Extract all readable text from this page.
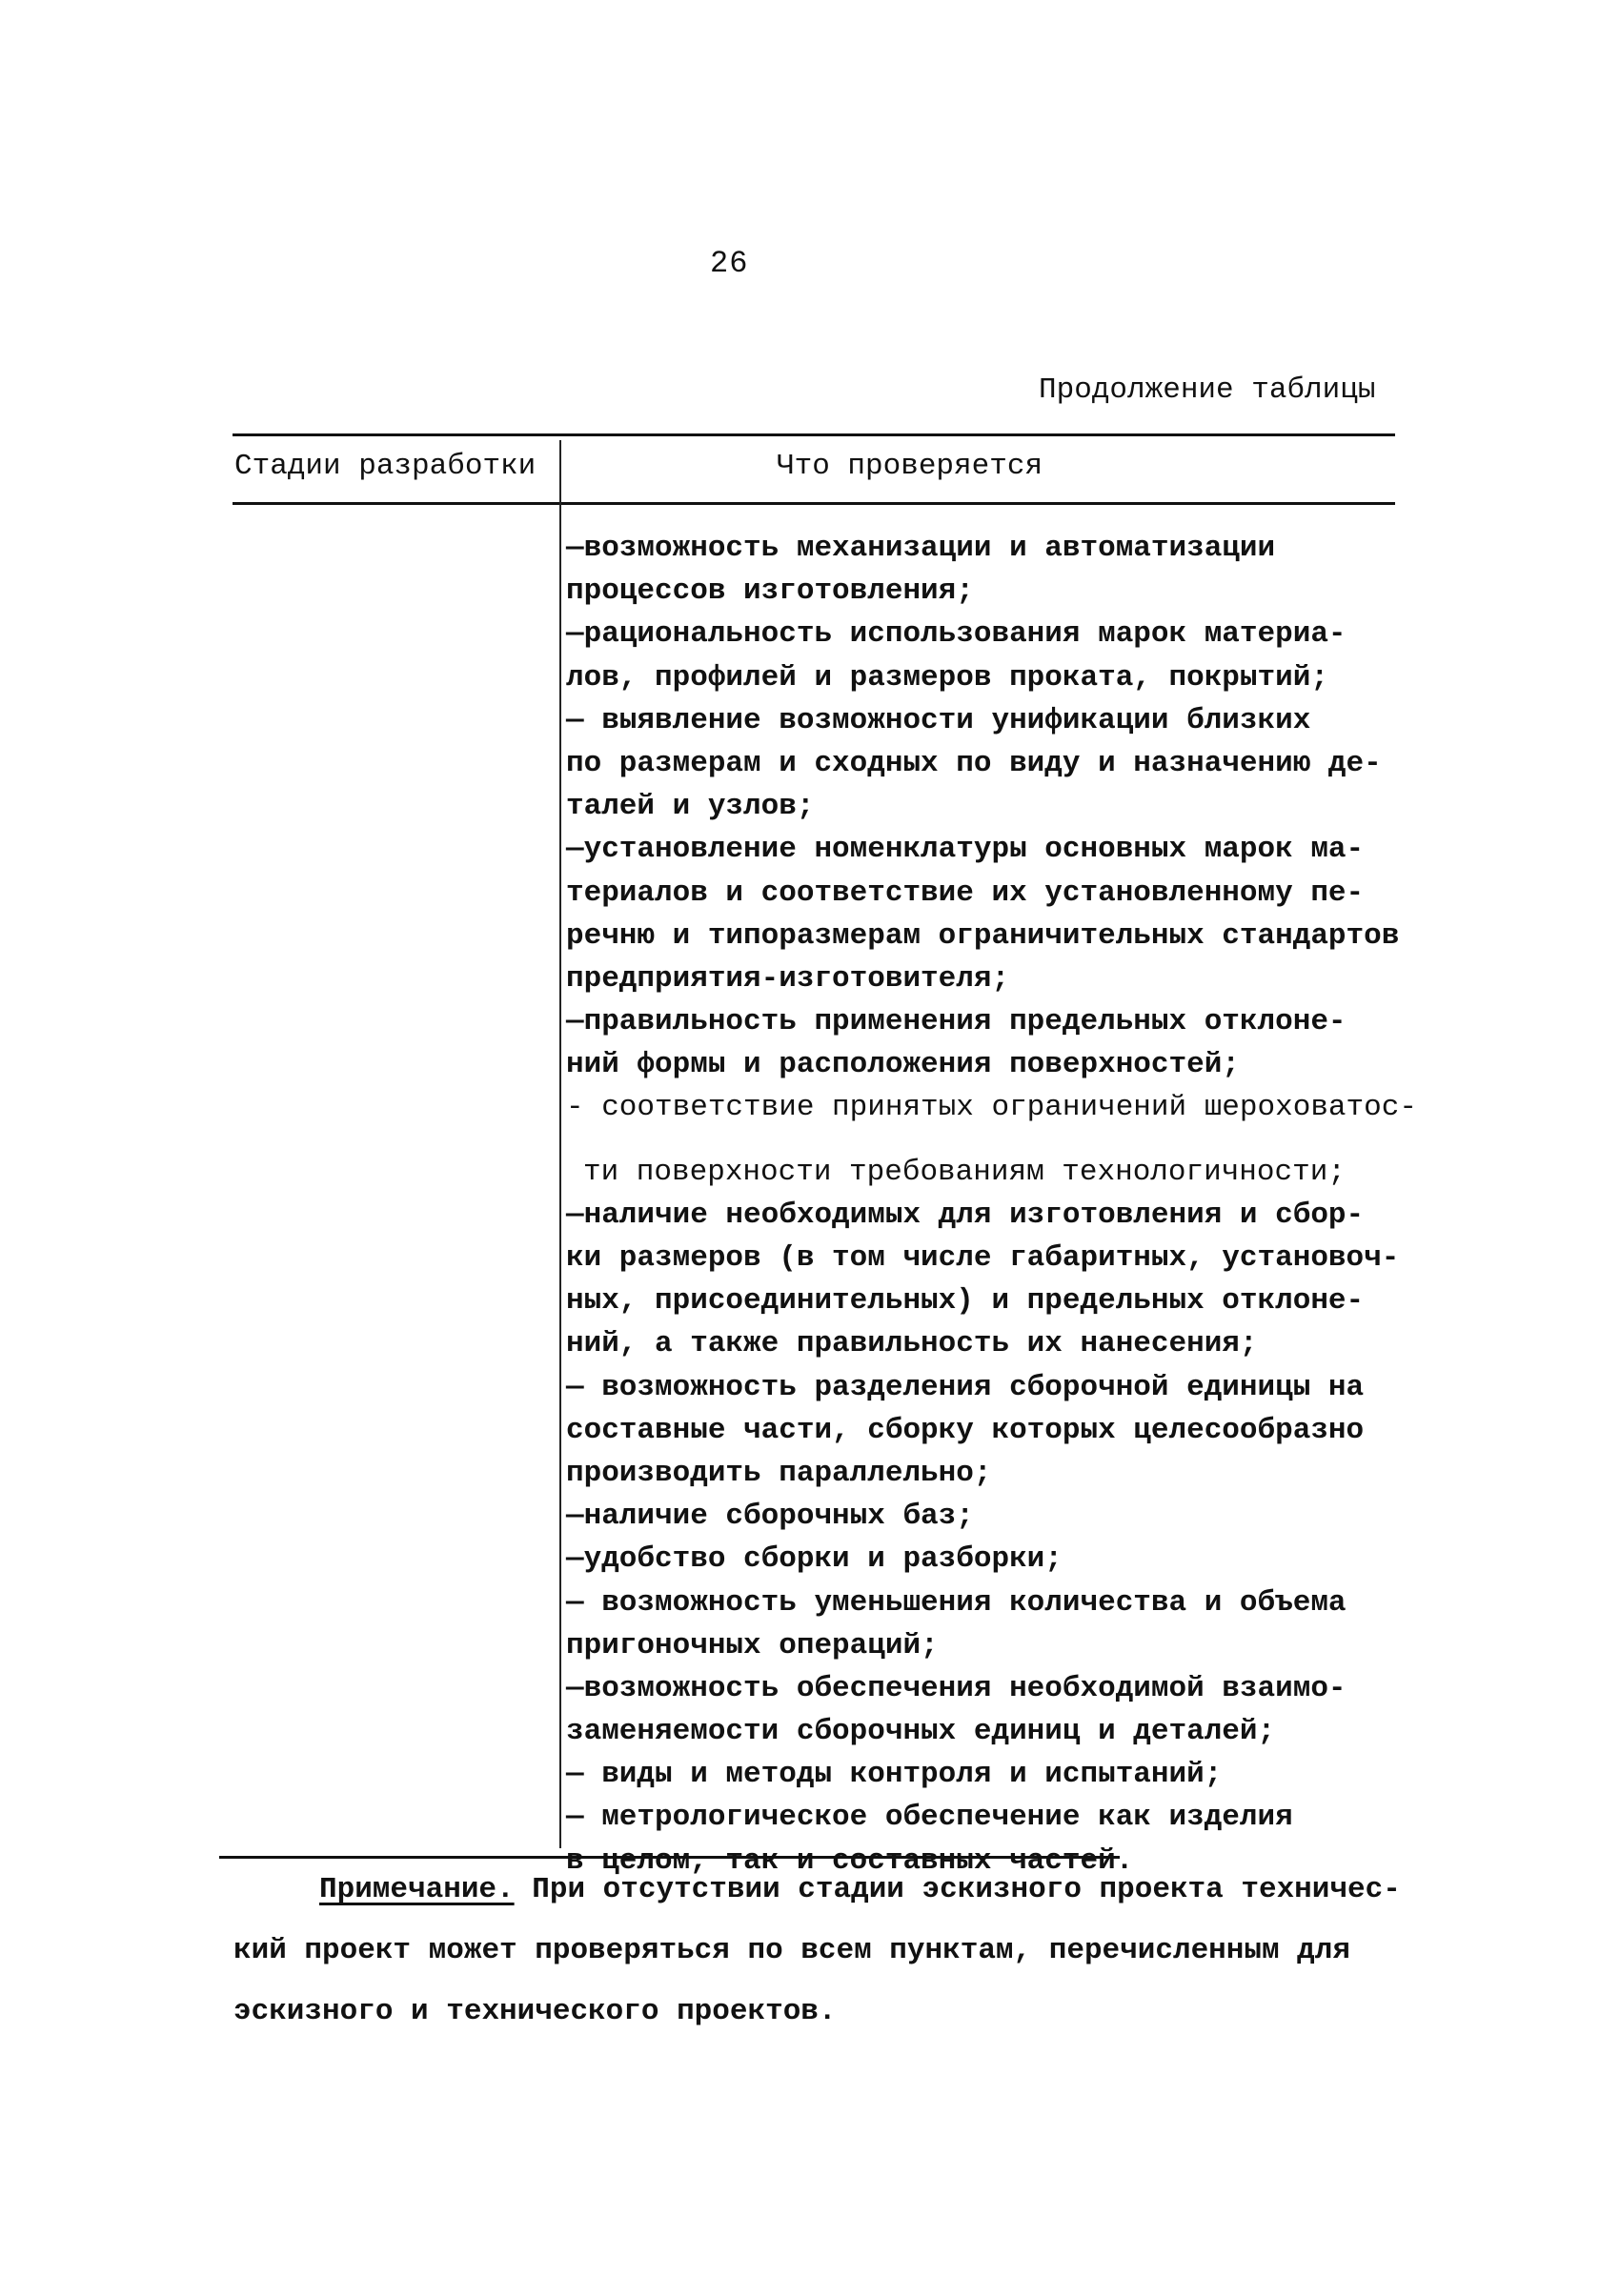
26
Продолжение таблицы
Стадии разработки	Что проверяется
—возможность механизации и автоматизации
процессов изготовления;
—рациональность использования марок материа-
лов, профилей и размеров проката, покрытий;
— выявление возможности унификации близких
по размерам и сходных по виду и назначению де-
талей и узлов;
—установление номенклатуры основных марок ма-
териалов и соответствие их установленному пе-
речню и типоразмерам ограничительных стандартов
предприятия-изготовителя;
—правильность применения предельных отклоне-
ний формы и расположения поверхностей;
- соответствие принятых ограничений шероховатос-
ти поверхности требованиям технологичности;
—наличие необходимых для изготовления и сбор-
ки размеров (в том числе габаритных, установоч-
ных, присоединительных) и предельных отклоне-
ний, а также правильность их нанесения;
— возможность разделения сборочной единицы на
составные части, сборку которых целесообразно
производить параллельно;
—наличие сборочных баз;
—удобство сборки и разборки;
— возможность уменьшения количества и объема
пригоночных операций;
—возможность обеспечения необходимой взаимо-
заменяемости сборочных единиц и деталей;
— виды и методы контроля и испытаний;
— метрологическое обеспечение как изделия
в целом, так и составных частей.
Примечание. При отсутствии стадии эскизного проекта техничес-
кий проект может проверяться по всем пунктам, перечисленным для
эскизного и технического проектов.
